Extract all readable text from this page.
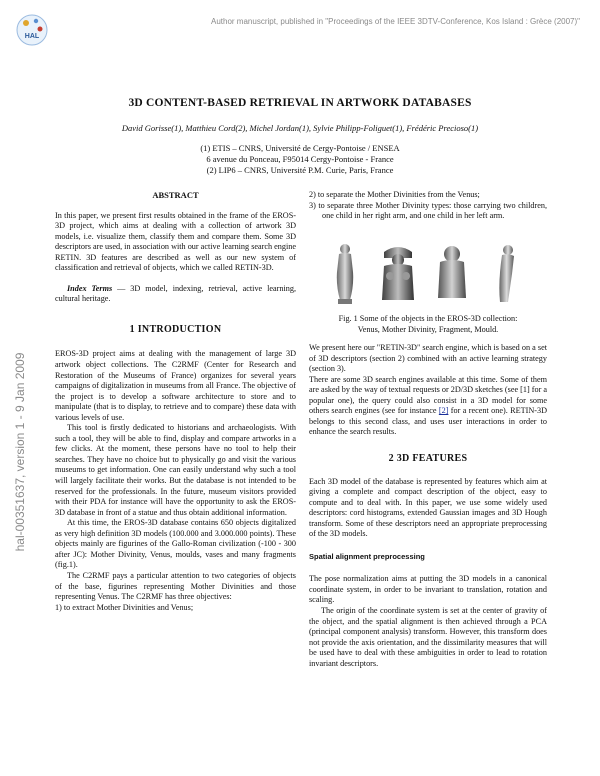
HAL
Author manuscript, published in "Proceedings of the IEEE 3DTV-Conference, Kos Island : Grèce (2007)"
hal-00351637, version 1 - 9 Jan 2009
3D CONTENT-BASED RETRIEVAL IN ARTWORK DATABASES
David Gorisse(1), Matthieu Cord(2), Michel Jordan(1), Sylvie Philipp-Foliguet(1), Frédéric Precioso(1)
(1) ETIS – CNRS, Université de Cergy-Pontoise / ENSEA
6 avenue du Ponceau, F95014 Cergy-Pontoise - France
(2) LIP6 – CNRS, Université P.M. Curie, Paris, France
ABSTRACT

In this paper, we present first results obtained in the frame of the EROS-3D project, which aims at dealing with a collection of artwork 3D models, i.e. visualize them, classify them and compare them. Some 3D descriptors are used, in association with our active learning search engine RETIN. 3D features are described as well as our new system of classification and retrieval of objects, which we called RETIN-3D.

Index Terms — 3D model, indexing, retrieval, active learning, cultural heritage.

1 INTRODUCTION

EROS-3D project aims at dealing with the management of large 3D artwork object collections. The C2RMF (Center for Research and Restoration of the Museums of France) organizes for several years campaigns of digitalization in museums from all France. The objective of the project is to develop a software architecture to store and to manipulate (that is to display, to retrieve and to compare) these data with various levels of use.

This tool is firstly dedicated to historians and archaeologists. With such a tool, they will be able to find, display and compare artworks in a few clicks. At the moment, these persons have no tool to help their searches. They have no choice but to physically go and visit the various museums to get information. One can easily understand why such a tool will largely facilitate their works. But the database is not intended to be reserved for the professionals. In the future, museum visitors provided with their PDA for instance will have the opportunity to ask the EROS-3D database in front of a statue and thus obtain additional information.

At this time, the EROS-3D database contains 650 objects digitalized as very high definition 3D models (100.000 and 3.000.000 points). These objects mainly are figurines of the Gallo-Roman civilization (-100 - 300 after JC): Mother Divinity, Venus, moulds, vases and many fragments (fig.1).

The C2RMF pays a particular attention to two categories of objects of the base, figurines representing Mother Divinities and those representing Venus. The C2RMF has three objectives:

1) to extract Mother Divinities and Venus;
2) to separate the Mother Divinities from the Venus;
3) to separate three Mother Divinity types: those carrying two children, one child in her right arm, and one child in her left arm.
Fig. 1 Some of the objects in the EROS-3D collection:
Venus, Mother Divinity, Fragment, Mould.

We present here our "RETIN-3D" search engine, which is based on a set of 3D descriptors (section 2) combined with an active learning strategy (section 3).

There are some 3D search engines available at this time. Some of them are asked by the way of textual requests or 2D/3D sketches (see [1] for a popular one), the query could also consist in a 3D model for some others search engines (see for instance [2] for a recent one). RETIN-3D belongs to this second class, and uses user interactions in order to enhance the search results.

2 3D FEATURES

Each 3D model of the database is represented by features which aim at giving a complete and compact description of the object, easy to compute and to deal with. In this paper, we use some widely used descriptors: cord histograms, extended Gaussian images and 3D Hough transform. Some of these descriptors need an appropriate preprocessing of the 3D models.

Spatial alignment preprocessing

The pose normalization aims at putting the 3D models in a canonical coordinate system, in order to be invariant to translation, rotation and scaling.

The origin of the coordinate system is set at the center of gravity of the object, and the spatial alignment is then achieved through a PCA (principal component analysis) transform. However, this transform does not provide the axis orientation, and the dissimilarity measures that will be used have to deal with these ambiguities in order to lead to rotation invariant descriptors.
